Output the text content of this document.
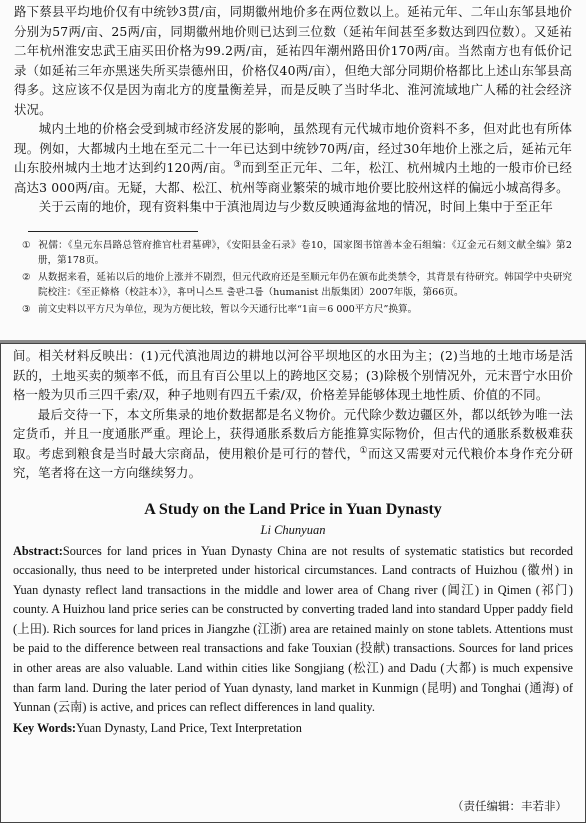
路下蔡县平均地价仅有中统钞3贯/亩，同期徽州地价多在两位数以上。延祐元年、二年山东邹县地价分别为57两/亩、25两/亩，同期徽州地价则已达到三位数（延祐年间甚至多数达到四位数）。又延祐二年杭州淮安忠武王庙买田价格为99.2两/亩，延祐四年潮州路田价170两/亩。当然南方也有低价记录（如延祐三年亦黑迷失所买崇德州田，价格仅40两/亩），但绝大部分同期价格都比上述山东邹县高得多。这应该不仅是因为南北方的度量衡差异，而是反映了当时华北、淮河流域地广人稀的社会经济状况。

城内土地的价格会受到城市经济发展的影响，虽然现有元代城市地价资料不多，但对此也有所体现。例如，大都城内土地在至元二十一年已达到中统钞70两/亩，经过30年地价上涨之后，延祐元年山东胶州城内土地才达到约120两/亩。③而到至正元年、二年，松江、杭州城内土地的一般市价已经高达3 000两/亩。无疑，大都、松江、杭州等商业繁荣的城市地价要比胶州这样的偏远小城高得多。

关于云南的地价，现有资料集中于滇池周边与少数反映通海盆地的情况，时间上集中于至正年

① 祝儒：《皇元东昌路总管府推官杜君墓碑》，《安阳县金石录》卷10，国家图书馆善本金石组编：《辽金元石刻文献全编》第2册，第178页。

② 从数据来看，延祐以后的地价上涨并不剧烈，但元代政府还是至顺元年仍在颁布此类禁令，其背景有待研究。韩国学中央研究院校注：《至正條格（校註本）》，휴머니스트 출판그룹（humanist 出版集团）2007年版，第66页。

③ 前文史料以平方尺为单位，现为方便比较，暂以今天通行比率“1亩＝6 000平方尺”换算。

间。相关材料反映出：(1)元代滇池周边的耕地以河谷平坝地区的水田为主；(2)当地的土地市场是活跃的，土地买卖的频率不低，而且有百公里以上的跨地区交易；(3)除极个别情况外，元末晋宁水田价格一般为贝币三四千索/双，种子地则有四五千索/双，价格差异能够体现土地性质、价值的不同。

最后交待一下，本文所集录的地价数据都是名义物价。元代除少数边疆区外，都以纸钞为唯一法定货币，并且一度通胀严重。理论上，获得通胀系数后方能推算实际物价，但古代的通胀系数极难获取。考虑到粮食是当时最大宗商品，使用粮价是可行的替代，①而这又需要对元代粮价本身作充分研究，笔者将在这一方向继续努力。

A Study on the Land Price in Yuan Dynasty
Li Chunyuan

Abstract:Sources for land prices in Yuan Dynasty China are not results of systematic statistics but recorded occasionally, thus need to be interpreted under historical circumstances. Land contracts of Huizhou (徽州) in Yuan dynasty reflect land transactions in the middle and lower area of Chang river (阊江) in Qimen (祁门) county. A Huizhou land price series can be constructed by converting traded land into standard Upper paddy field (上田). Rich sources for land prices in Jiangzhe (江浙) area are retained mainly on stone tablets. Attentions must be paid to the difference between real transactions and fake Touxian (投献) transactions. Sources for land prices in other areas are also valuable. Land within cities like Songjiang (松江) and Dadu (大都) is much expensive than farm land. During the later period of Yuan dynasty, land market in Kunmign (昆明) and Tonghai (通海) of Yunnan (云南) is active, and prices can reflect differences in land quality.

Key Words:Yuan Dynasty, Land Price, Text Interpretation

（责任编辑：丰若非）
